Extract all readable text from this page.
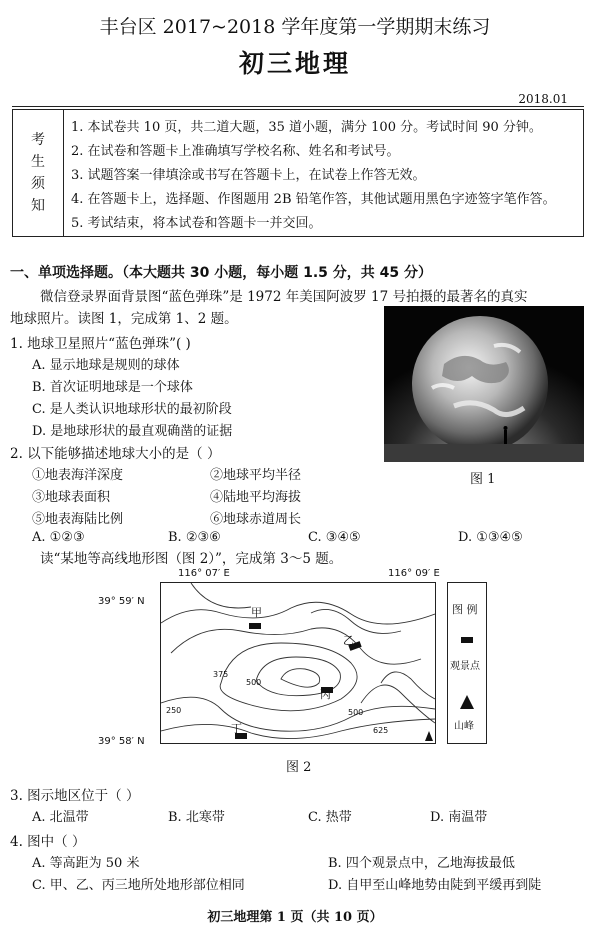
丰台区 2017~2018 学年度第一学期期末练习
初三地理
2018.01
考
生
须
知
1. 本试卷共 10 页，共二道大题，35 道小题，满分 100 分。考试时间 90 分钟。
2. 在试卷和答题卡上准确填写学校名称、姓名和考试号。
3. 试题答案一律填涂或书写在答题卡上，在试卷上作答无效。
4. 在答题卡上，选择题、作图题用 2B 铅笔作答，其他试题用黑色字迹签字笔作答。
5. 考试结束，将本试卷和答题卡一并交回。
一、单项选择题。（本大题共 30 小题，每小题 1.5 分，共 45 分）
微信登录界面背景图“蓝色弹珠”是 1972 年美国阿波罗 17 号拍摄的最著名的真实
地球照片。读图 1，完成第 1、2 题。
图 1
1. 地球卫星照片“蓝色弹珠”( )
A. 显示地球是规则的球体
B. 首次证明地球是一个球体
C. 是人类认识地球形状的最初阶段
D. 是地球形状的最直观确凿的证据
2. 以下能够描述地球大小的是（ ）
①地表海洋深度	②地球平均半径
③地球表面积	④陆地平均海拔
⑤地表海陆比例	⑥地球赤道周长
A. ①②③	B. ②③⑥	C. ③④⑤	D. ①③④⑤
读“某地等高线地形图（图 2）”，完成第 3～5 题。
116° 07′ E	116° 09′ E
39° 59′ N
39° 58′ N
甲
乙
丙
丁
375
500
500
250
625
图 例
观景点
山峰
图 2
3. 图示地区位于（ ）
A. 北温带	B. 北寒带	C. 热带	D. 南温带
4. 图中（ ）
A. 等高距为 50 米	B. 四个观景点中，乙地海拔最低
C. 甲、乙、丙三地所处地形部位相同	D. 自甲至山峰地势由陡到平缓再到陡
初三地理第 1 页（共 10 页）
